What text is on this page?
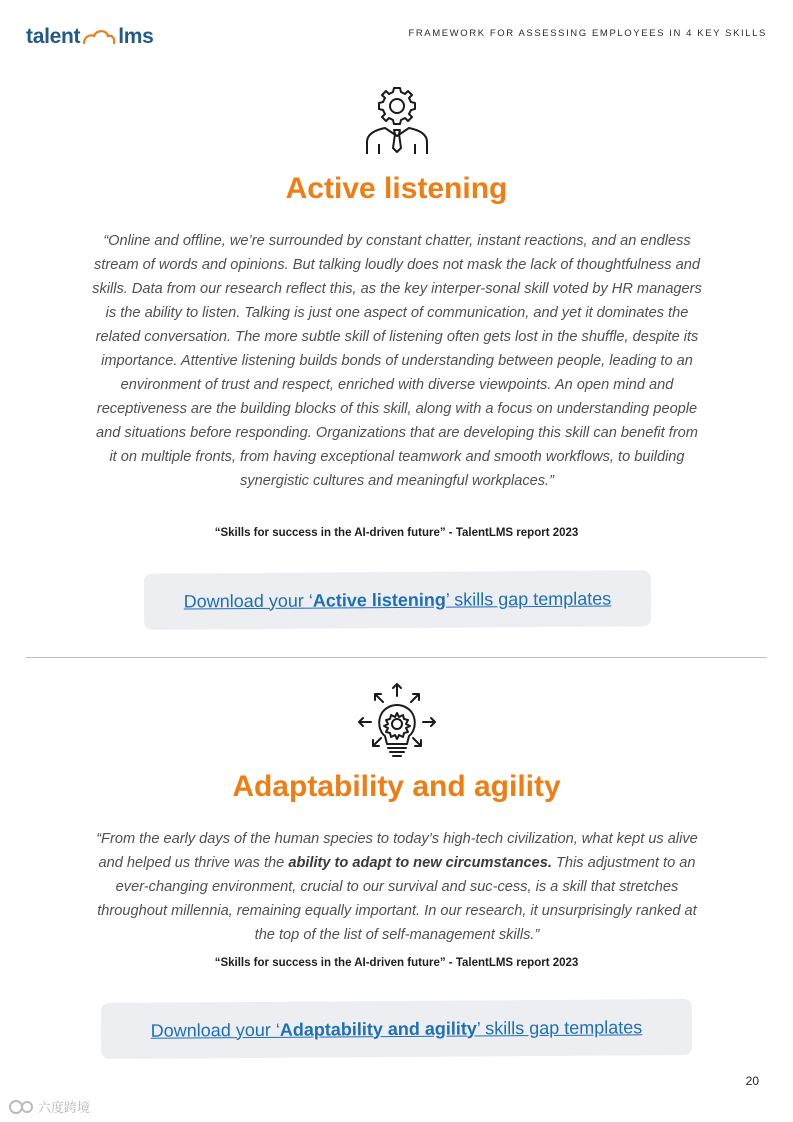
talent lms	FRAMEWORK FOR ASSESSING EMPLOYEES IN 4 KEY SKILLS
Active listening

“Online and offline, we’re surrounded by constant chatter, instant reactions, and an endless stream of words and opinions. But talking loudly does not mask the lack of thoughtfulness and skills. Data from our research reflect this, as the key interper-sonal skill voted by HR managers is the ability to listen. Talking is just one aspect of communication, and yet it dominates the related conversation. The more subtle skill of listening often gets lost in the shuffle, despite its importance. Attentive listening builds bonds of understanding between people, leading to an environment of trust and respect, enriched with diverse viewpoints. An open mind and receptiveness are the building blocks of this skill, along with a focus on understanding people and situations before responding. Organizations that are developing this skill can benefit from it on multiple fronts, from having exceptional teamwork and smooth workflows, to building synergistic cultures and meaningful workplaces.”

“Skills for success in the AI-driven future” - TalentLMS report 2023
Download your ‘ Active listening ’ skills gap templates
Adaptability and agility

“From the early days of the human species to today’s high-tech civilization, what kept us alive and helped us thrive was the ability to adapt to new circumstances. This adjustment to an ever-changing environment, crucial to our survival and suc-cess, is a skill that stretches throughout millennia, remaining equally important. In our research, it unsurprisingly ranked at the top of the list of self-management skills.”

“Skills for success in the AI-driven future” - TalentLMS report 2023
Download your ‘ Adaptability and agility ’ skills gap templates
20
六度跨境
